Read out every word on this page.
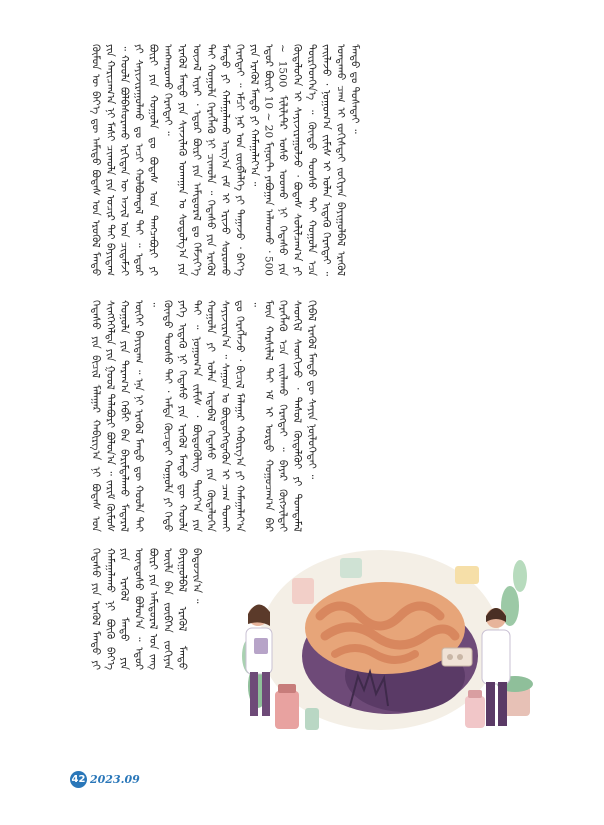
ᠬᠦᠮᠦᠨ ᠦ ᠪᠡᠶ᠎ᠡ ᠳᠦ ᠠᠮᠢᠳᠤ ᠪᠣᠳᠠᠰ ᠤᠨ ᠡᠷᠦᠬᠦᠯ ᠮᠡᠨᠳᠦ ᠶᠢᠨ ᠬᠠᠷᠢᠴᠠᠭ᠎ᠠ ᠨᠢ ᠮᠠᠰᠢ ᠴᠢᠬᠤᠯᠠ ᠶᠢᠨ ᠤᠴᠢᠷ ᠲᠠᠢ ᠪᠠᠶᠢᠳᠠᠭ ᠃ ᠬᠣᠣᠯᠠ ᠪᠣᠯᠪᠠᠰᠤᠷᠠᠬᠤ ᠡᠷᠬᠢᠲᠡᠨ ᠦ ᠠᠵᠢᠯ ᠤᠨ ᠴᠢᠳᠠᠮᠵᠢ ᠶᠢ ᠰᠠᠶᠢᠵᠢᠷᠠᠭᠤᠯᠬᠤ ᠳᠤ ᠠᠴᠢ ᠬᠣᠯᠪᠣᠭᠳᠠᠯ ᠲᠠᠢ ᠃ ᠡᠳᠦᠷ ᠪᠦᠷᠢ ᠶᠢᠨ ᠬᠣᠭᠣᠯᠠ ᠳᠤ ᠪᠣᠳᠠᠰ ᠤᠨ ᠲᠡᠩᠴᠡᠪᠦᠷᠢ ᠶᠢ ᠠᠩᠬᠠᠷᠤᠬᠤ ᠬᠡᠷᠡᠭᠲᠡᠢ ᠃ ᠡᠷᠡᠭᠦᠯ ᠮᠡᠨᠳᠦ ᠶᠢᠨ ᠰᠢᠨᠵᠢᠯᠡᠬᠦ ᠤᠬᠠᠭᠠᠨ ᠤ ᠰᠤᠳᠤᠯᠭ᠎ᠠ ᠶᠢᠨ ᠦᠵᠡᠯ ᠢᠶᠡᠷ ᠂ ᠡᠳᠦᠷ ᠪᠦᠷᠢ ᠶᠢᠨ ᠠᠮᠢᠳᠤᠷᠠᠯ ᠳᠤ ᠬᠡᠮᠵᠢᠶ᠎ᠡ ᠲᠠᠢ ᠬᠣᠭᠣᠯᠠ ᠬᠡᠷᠡᠭᠯᠡᠬᠦ ᠨᠢ ᠴᠢᠬᠤᠯᠠ ᠃ ᠭᠡᠳᠡᠰᠦ ᠶᠢᠨ ᠡᠷᠡᠭᠦᠯ ᠮᠡᠨᠳᠦ ᠶᠢ ᠬᠠᠮᠠᠭᠠᠯᠠᠬᠤ ᠠᠷᠭ᠎ᠠ ᠵᠠᠮ ᠢ ᠡᠷᠢᠵᠦ ᠰᠤᠷᠤᠬᠤ ᠬᠡᠷᠡᠭᠲᠡᠢ ᠃ ᠡᠮᠴᠢ ᠨᠠᠷ ᠤᠨ ᠵᠦᠪᠯᠡᠯᠭᠡ ᠶᠢ ᠳᠠᠭᠠᠵᠤ ᠂ ᠪᠡᠶ᠎ᠡ ᠶᠢᠨ ᠡᠷᠡᠭᠦᠯ ᠮᠡᠨᠳᠦ ᠶᠢ ᠬᠠᠮᠠᠭᠠᠯᠠᠶ᠎ᠠ ᠃ ᠡᠳᠦᠷ ᠪᠦᠷᠢ 10 ~ 20 ᠮᠢᠨᠦ᠋ᠲ ᠶᠠᠪᠤᠭᠠᠨ ᠠᠯᠬᠤᠬᠤ ᠂ 500 ~ 1500 ᠮᠢᠯᠢᠯᠢᠲ᠋ᠷ ᠤᠰᠤ ᠤᠤᠬᠤ ᠨᠢ ᠭᠡᠳᠡᠰᠦ ᠶᠢᠨ ᠬᠥᠳᠡᠯᠦᠭᠡᠨ ᠢ ᠰᠠᠶᠢᠵᠢᠷᠠᠭᠤᠯᠵᠤ ᠂ ᠪᠣᠳᠠᠰ ᠰᠣᠯᠢᠯᠴᠠᠭ᠎ᠠ ᠶᠢ ᠲᠦᠷᠭᠡᠳᠭᠡᠨ᠎ᠡ ᠃ ᠬᠦᠨᠳᠦ ᠲᠣᠣᠰᠣ ᠲᠠᠢ ᠬᠣᠭᠣᠯᠠ ᠡᠴᠡ ᠵᠠᠢᠯᠠᠵᠤ ᠂ ᠨᠣᠭᠤᠭ᠎ᠠ ᠵᠢᠮᠢᠰ ᠢ ᠣᠯᠠᠨ ᠢᠳᠡᠬᠦ ᠬᠡᠷᠡᠭᠲᠡᠢ ᠃ ᠤᠨᠲᠠᠬᠤ ᠴᠠᠭ ᠢ ᠵᠣᠬᠢᠰᠲᠠᠢ ᠵᠣᠬᠢᠶᠠᠨ ᠪᠠᠶᠢᠭᠤᠯᠪᠠᠯ ᠡᠷᠡᠭᠦᠯ ᠮᠡᠨᠳᠦ ᠳᠤ ᠲᠤᠰᠠᠲᠠᠢ ᠃

ᠭᠡᠳᠡᠰᠦ ᠶᠢᠨ ᠪᠢᠴᠢᠯ ᠮᠠᠯᠠᠭᠠᠷ ᠬᠠᠪᠢᠷᠭ᠎ᠠ ᠨᠢ ᠪᠣᠳᠠᠰ ᠤᠨ ᠰᠢᠩᠭᠡᠭᠡᠯᠲᠡ ᠶᠢᠨ ᠭᠣᠣᠯ ᠲᠠᠯᠠᠪᠤᠷᠢ ᠪᠣᠯᠤᠨ᠎ᠠ ᠃ ᠵᠠᠷᠢᠮ ᠬᠥᠮᠦᠰ ᠬᠣᠭᠣᠯᠠ ᠶᠢᠨ ᠳᠠᠷᠠᠭ᠎ᠠ ᠬᠡᠪᠯᠢ ᠪᠡᠨ ᠪᠠᠷᠢᠮᠲᠠᠯᠠᠬᠤ ᠮᠡᠳᠡᠷᠡᠯ ᠦᠭᠡᠢ ᠪᠠᠶᠢᠳᠠᠭ ᠃ ᠡᠨᠡ ᠨᠢ ᠡᠷᠡᠭᠦᠯ ᠮᠡᠨᠳᠦ ᠳᠦ ᠬᠣᠣᠯᠠ ᠲᠠᠢ ᠃ ᠬᠦᠨᠳᠦ ᠲᠣᠣᠰᠣ ᠲᠠᠢ ᠂ ᠠᠮᠲᠠ ᠬᠦᠴᠲᠡᠢ ᠬᠣᠭᠣᠯᠠ ᠶᠢ ᠬᠡᠳᠦ ᠶᠡᠬᠡ ᠢᠳᠡᠬᠦ ᠨᠢ ᠭᠡᠳᠡᠰᠦ ᠶᠢᠨ ᠡᠷᠡᠭᠦᠯ ᠮᠡᠨᠳᠦ ᠳᠦ ᠬᠣᠣᠯᠠ ᠲᠠᠢ ᠃ ᠨᠣᠭᠤᠭ᠎ᠠ ᠵᠢᠮᠢᠰ ᠂ ᠪᠦᠳᠦᠭᠦᠯᠢᠭ ᠲᠠᠷᠢᠶ᠎ᠠ ᠶᠢᠨ ᠬᠣᠭᠣᠯᠠ ᠶᠢ ᠣᠯᠠᠨ ᠢᠳᠡᠪᠡᠯ ᠭᠡᠳᠡᠰᠦ ᠶᠢᠨ ᠬᠥᠳᠡᠯᠦᠭᠡᠨ ᠰᠠᠶᠢᠵᠢᠷᠠᠨ᠎ᠠ ᠃ ᠰᠠᠭᠤᠨ ᠤ ᠪᠦᠲᠦᠭᠡᠭᠳᠡᠬᠦᠨ ᠢ ᠴᠠᠭ ᠲᠤᠬᠠᠢ ᠳᠤ ᠬᠡᠷᠡᠭᠯᠡᠵᠦ ᠂ ᠪᠢᠴᠢᠯ ᠮᠠᠯᠠᠭᠠᠷ ᠬᠠᠪᠢᠷᠭ᠎ᠠ ᠶᠢ ᠬᠠᠮᠠᠭᠠᠯᠠᠶ᠎ᠠ ᠃ ᠮᠦᠨ ᠬᠠᠷᠰᠢᠯᠠᠯ ᠲᠠᠢ ᠡᠮ ᠢ ᠤᠷᠲᠤ ᠬᠤᠭᠤᠴᠠᠭ᠎ᠠ ᠪᠠᠷ ᠬᠡᠷᠡᠭᠯᠡᠬᠦ ᠡᠴᠡ ᠵᠠᠢᠯᠠᠬᠤ ᠬᠡᠷᠡᠭᠲᠡᠢ ᠃ ᠪᠠᠶᠠᠷ ᠬᠥᠭᠵᠢᠯᠲᠡᠢ ᠰᠡᠳᠬᠢᠯ ᠰᠡᠳᠬᠢᠵᠦ ᠂ ᠳᠠᠰᠤᠯ ᠬᠥᠳᠡᠯᠬᠦᠢ ᠶᠢ ᠲᠣᠭᠲᠠᠮᠠᠯ ᠬᠢᠪᠡᠯ ᠡᠷᠡᠭᠦᠯ ᠮᠡᠨᠳᠦ ᠳᠦ ᠰᠠᠶᠢᠨ ᠨᠥᠯᠦᠭᠡᠲᠡᠢ ᠃

ᠭᠡᠳᠡᠰᠦ ᠶᠢᠨ ᠡᠷᠡᠭᠦᠯ ᠮᠡᠨᠳᠦ ᠶᠢ ᠬᠠᠮᠠᠭᠠᠯᠠᠬᠤ ᠨᠢ ᠪᠦᠬᠦ ᠪᠡᠶ᠎ᠡ ᠶᠢᠨ ᠡᠷᠡᠭᠦᠯ ᠮᠡᠨᠳᠦ ᠶᠢᠨ ᠦᠨᠳᠦᠰᠦ ᠪᠣᠯᠤᠨ᠎ᠠ ᠃ ᠡᠳᠦᠷ ᠪᠦᠷᠢ ᠶᠢᠨ ᠠᠮᠢᠳᠤᠷᠠᠯ ᠤᠨ ᠵᠠᠩ ᠦᠢᠯᠡ ᠪᠡᠨ ᠵᠥᠪᠬᠡᠨ ᠵᠣᠬᠢᠶᠠᠨ ᠪᠠᠶᠢᠭᠤᠯᠪᠠᠯ ᠡᠷᠡᠭᠦᠯ ᠮᠡᠨᠳᠦ ᠪᠠᠲᠤᠵᠢᠨ᠎ᠠ ᠃

42 2023.09
